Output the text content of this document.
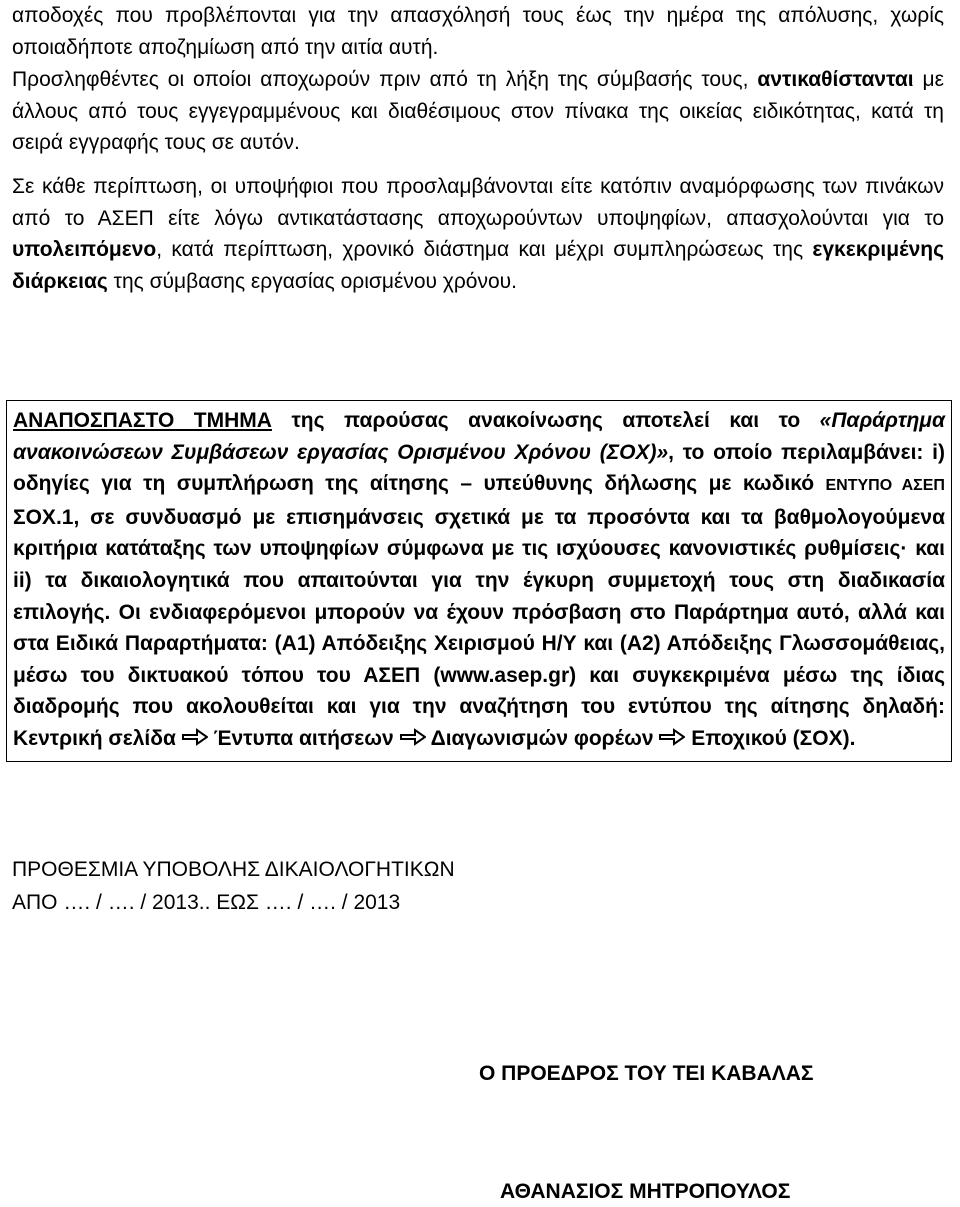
αποδοχές που προβλέπονται για την απασχόλησή τους έως την ημέρα της απόλυσης, χωρίς οποιαδήποτε αποζημίωση από την αιτία αυτή.

Προσληφθέντες οι οποίοι αποχωρούν πριν από τη λήξη της σύμβασής τους, αντικαθίστανται με άλλους από τους εγγεγραμμένους και διαθέσιμους στον πίνακα της οικείας ειδικότητας, κατά τη σειρά εγγραφής τους σε αυτόν.

Σε κάθε περίπτωση, οι υποψήφιοι που προσλαμβάνονται είτε κατόπιν αναμόρφωσης των πινάκων από το ΑΣΕΠ είτε λόγω αντικατάστασης αποχωρούντων υποψηφίων, απασχολούνται για το υπολειπόμενο, κατά περίπτωση, χρονικό διάστημα και μέχρι συμπληρώσεως της εγκεκριμένης διάρκειας της σύμβασης εργασίας ορισμένου χρόνου.

ΑΝΑΠΟΣΠΑΣΤΟ ΤΜΗΜΑ της παρούσας ανακοίνωσης αποτελεί και το «Παράρτημα ανακοινώσεων Συμβάσεων εργασίας Ορισμένου Χρόνου (ΣΟΧ)», το οποίο περιλαμβάνει: i) οδηγίες για τη συμπλήρωση της αίτησης – υπεύθυνης δήλωσης με κωδικό ΕΝΤΥΠΟ ΑΣΕΠ ΣΟΧ.1, σε συνδυασμό με επισημάνσεις σχετικά με τα προσόντα και τα βαθμολογούμενα κριτήρια κατάταξης των υποψηφίων σύμφωνα με τις ισχύουσες κανονιστικές ρυθμίσεις· και ii) τα δικαιολογητικά που απαιτούνται για την έγκυρη συμμετοχή τους στη διαδικασία επιλογής. Οι ενδιαφερόμενοι μπορούν να έχουν πρόσβαση στο Παράρτημα αυτό, αλλά και στα Ειδικά Παραρτήματα: (Α1) Απόδειξης Χειρισμού Η/Υ και (Α2) Απόδειξης Γλωσσομάθειας, μέσω του δικτυακού τόπου του ΑΣΕΠ (www.asep.gr) και συγκεκριμένα μέσω της ίδιας διαδρομής που ακολουθείται και για την αναζήτηση του εντύπου της αίτησης δηλαδή: Κεντρική σελίδα Έντυπα αιτήσεων Διαγωνισμών φορέων Εποχικού (ΣΟΧ).

ΠΡΟΘΕΣΜΙΑ ΥΠΟΒΟΛΗΣ ΔΙΚΑΙΟΛΟΓΗΤΙΚΩΝ

ΑΠΟ …. / …. / 2013.. ΕΩΣ …. / …. / 2013

Ο ΠΡΟΕΔΡΟΣ ΤΟΥ ΤΕΙ ΚΑΒΑΛΑΣ
ΑΘΑΝΑΣΙΟΣ ΜΗΤΡΟΠΟΥΛΟΣ
